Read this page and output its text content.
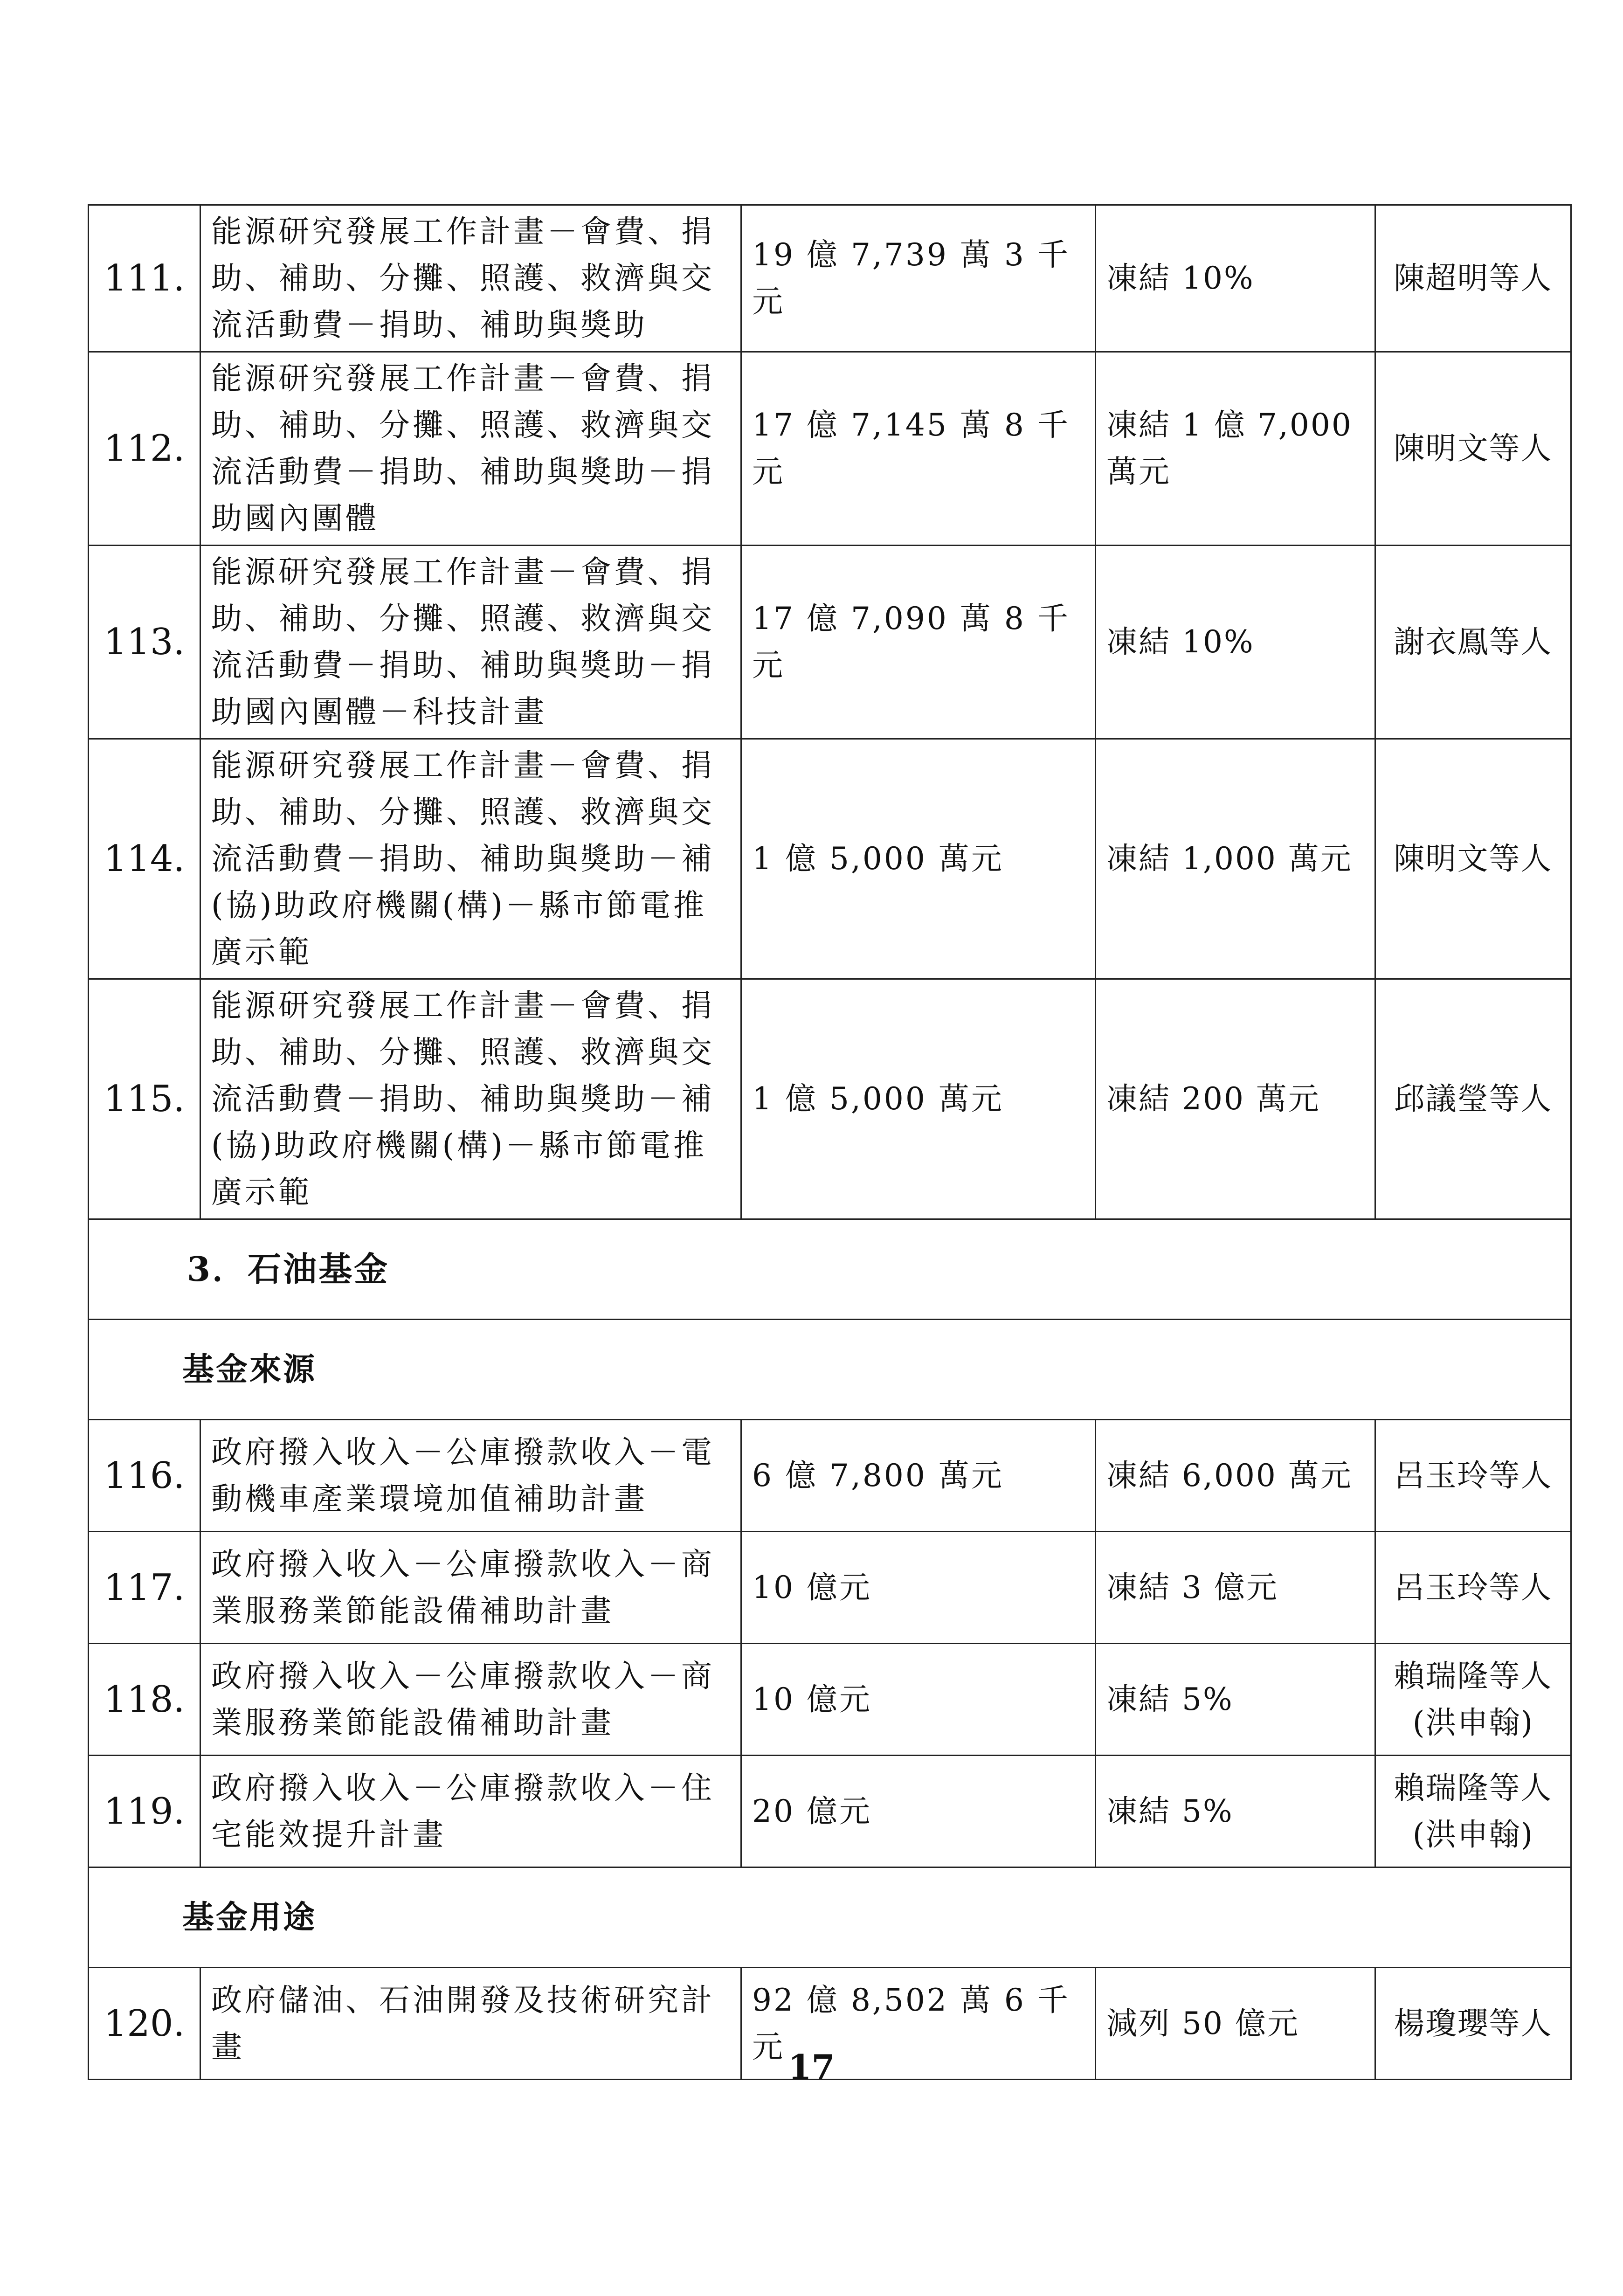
111.	能源研究發展工作計畫－會費、捐助、補助、分攤、照護、救濟與交流活動費－捐助、補助與獎助	19 億 7,739 萬 3 千元	凍結 10%	陳超明等人
112.	能源研究發展工作計畫－會費、捐助、補助、分攤、照護、救濟與交流活動費－捐助、補助與獎助－捐助國內團體	17 億 7,145 萬 8 千元	凍結 1 億 7,000 萬元	陳明文等人
113.	能源研究發展工作計畫－會費、捐助、補助、分攤、照護、救濟與交流活動費－捐助、補助與獎助－捐助國內團體－科技計畫	17 億 7,090 萬 8 千元	凍結 10%	謝衣鳯等人
114.	能源研究發展工作計畫－會費、捐助、補助、分攤、照護、救濟與交流活動費－捐助、補助與獎助－補(協)助政府機關(構)－縣市節電推廣示範	1 億 5,000 萬元	凍結 1,000 萬元	陳明文等人
115.	能源研究發展工作計畫－會費、捐助、補助、分攤、照護、救濟與交流活動費－捐助、補助與獎助－補(協)助政府機關(構)－縣市節電推廣示範	1 億 5,000 萬元	凍結 200 萬元	邱議瑩等人
3．石油基金				
基金來源				
116.	政府撥入收入－公庫撥款收入－電動機車產業環境加值補助計畫	6 億 7,800 萬元	凍結 6,000 萬元	呂玉玲等人
117.	政府撥入收入－公庫撥款收入－商業服務業節能設備補助計畫	10 億元	凍結 3 億元	呂玉玲等人
118.	政府撥入收入－公庫撥款收入－商業服務業節能設備補助計畫	10 億元	凍結 5%	賴瑞隆等人(洪申翰)
119.	政府撥入收入－公庫撥款收入－住宅能效提升計畫	20 億元	凍結 5%	賴瑞隆等人(洪申翰)
基金用途				
120.	政府儲油、石油開發及技術研究計畫	92 億 8,502 萬 6 千元	減列 50 億元	楊瓊瓔等人
17
